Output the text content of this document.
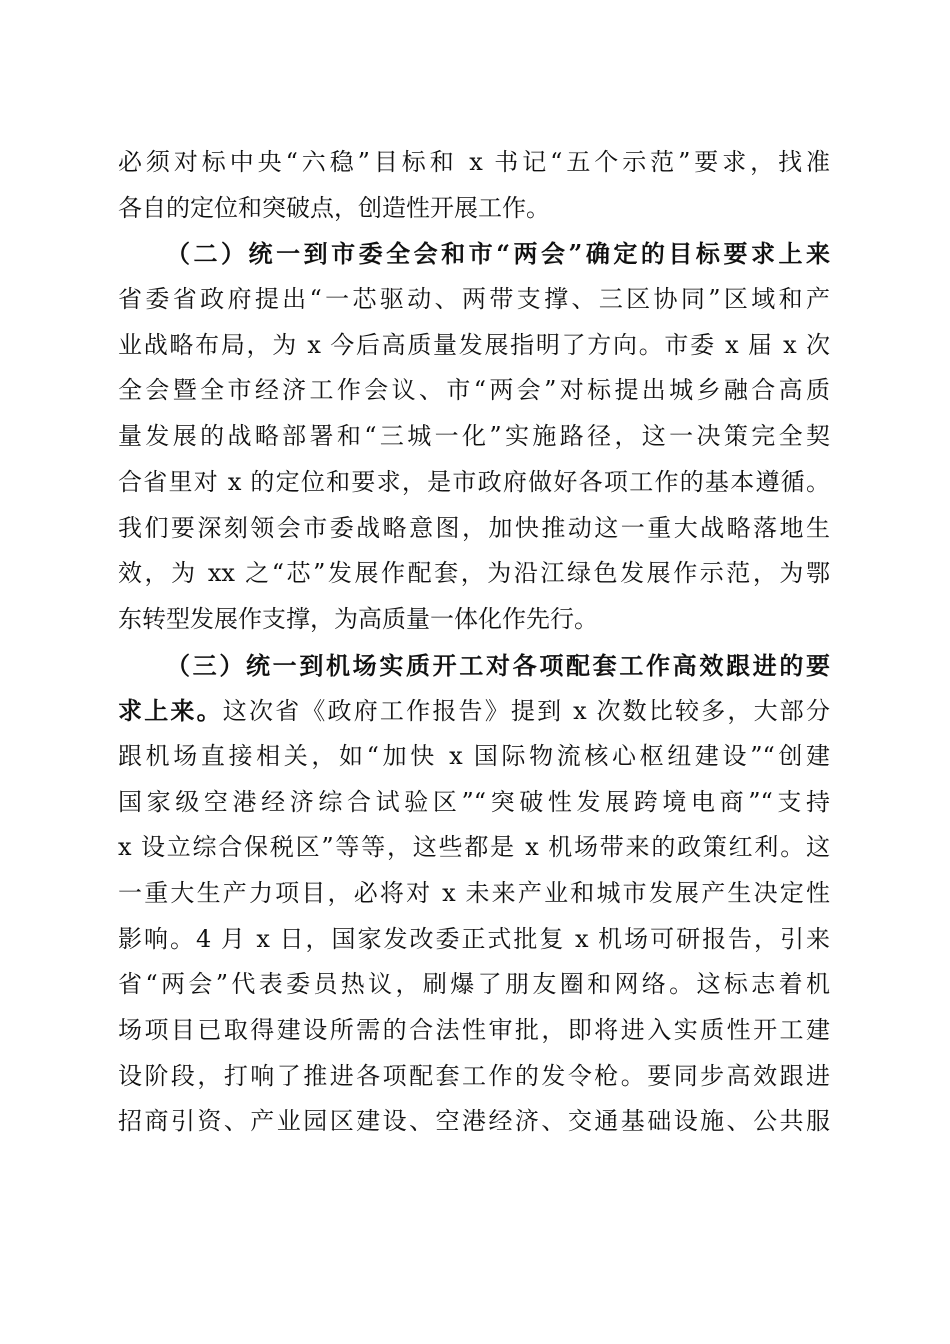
必须对标中央“六稳”目标和 x 书记“五个示范”要求，找准
各自的定位和突破点，创造性开展工作。
（二）统一到市委全会和市“两会”确定的目标要求上来
省委省政府提出“一芯驱动、两带支撑、三区协同”区域和产
业战略布局，为 x 今后高质量发展指明了方向。市委 x 届 x 次
全会暨全市经济工作会议、市“两会”对标提出城乡融合高质
量发展的战略部署和“三城一化”实施路径，这一决策完全契
合省里对 x 的定位和要求，是市政府做好各项工作的基本遵循。
我们要深刻领会市委战略意图，加快推动这一重大战略落地生
效，为 xx 之“芯”发展作配套，为沿江绿色发展作示范，为鄂
东转型发展作支撑，为高质量一体化作先行。
（三）统一到机场实质开工对各项配套工作高效跟进的要
求上来。这次省《政府工作报告》提到 x 次数比较多，大部分
跟机场直接相关，如“加快 x 国际物流核心枢纽建设”“创建
国家级空港经济综合试验区”“突破性发展跨境电商”“支持
x 设立综合保税区”等等，这些都是 x 机场带来的政策红利。这
一重大生产力项目，必将对 x 未来产业和城市发展产生决定性
影响。4 月 x 日，国家发改委正式批复 x 机场可研报告，引来
省“两会”代表委员热议，刷爆了朋友圈和网络。这标志着机
场项目已取得建设所需的合法性审批，即将进入实质性开工建
设阶段，打响了推进各项配套工作的发令枪。要同步高效跟进
招商引资、产业园区建设、空港经济、交通基础设施、公共服
